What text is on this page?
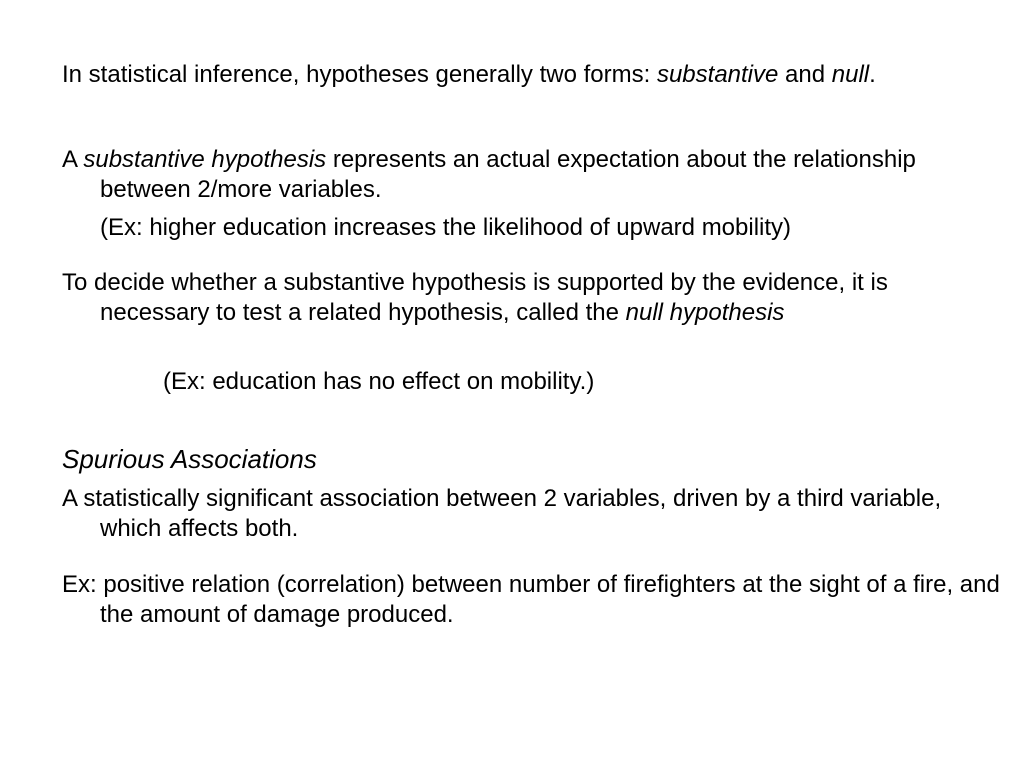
In statistical inference, hypotheses generally two forms: substantive and null.

A substantive hypothesis represents an actual expectation about the relationship between 2/more variables.

(Ex: higher education increases the likelihood of upward mobility)

To decide whether a substantive hypothesis is supported by the evidence, it is necessary to test a related hypothesis, called the null hypothesis

(Ex: education has no effect on mobility.)

Spurious Associations

A statistically significant association between 2 variables, driven by a third variable, which affects both.

Ex: positive relation (correlation) between number of firefighters at the sight of a fire, and the amount of damage produced.
